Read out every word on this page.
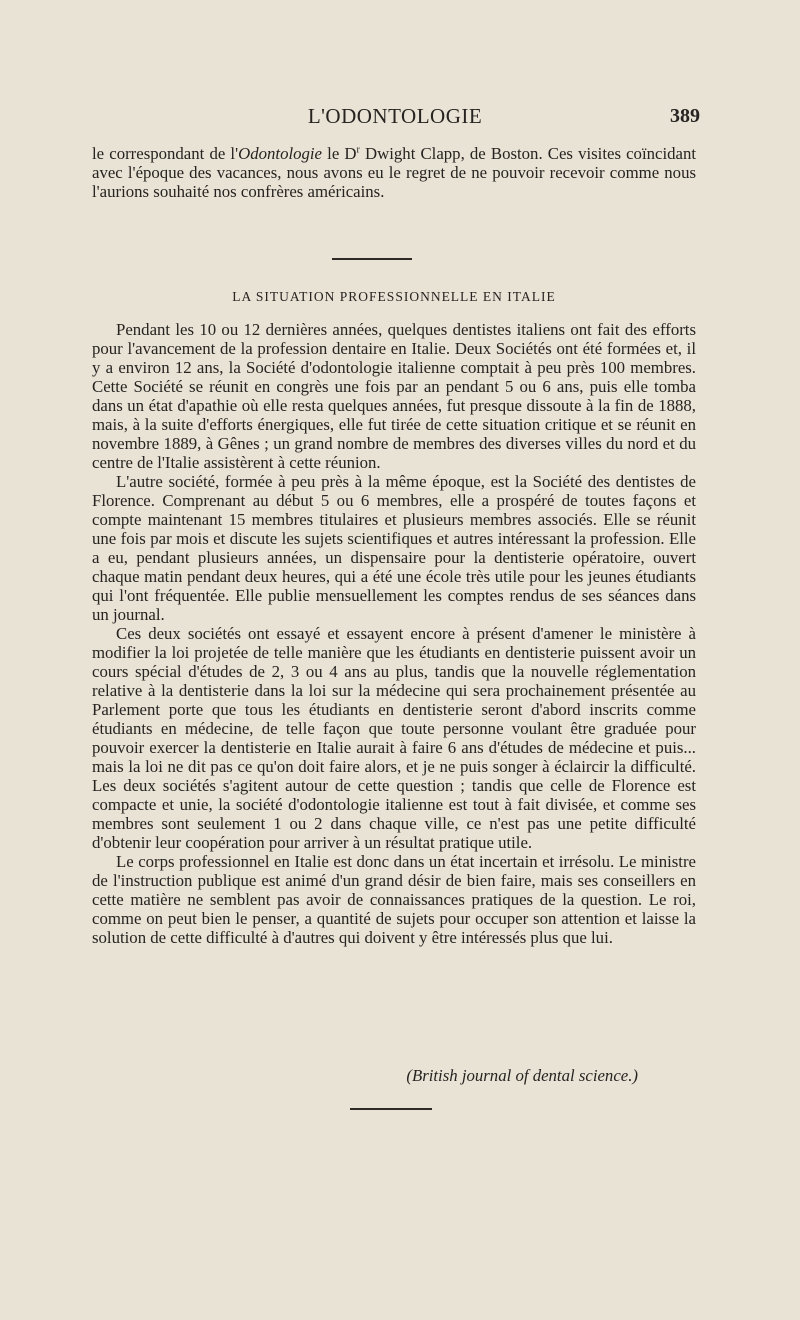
L'ODONTOLOGIE	389

le correspondant de l'Odontologie le $D^r$ Dwight Clapp, de Boston. Ces visites coïncidant avec l'époque des vacances, nous avons eu le regret de ne pouvoir recevoir comme nous l'aurions souhaité nos confrères américains.

LA SITUATION PROFESSIONNELLE EN ITALIE

Pendant les 10 ou 12 dernières années, quelques dentistes italiens ont fait des efforts pour l'avancement de la profession dentaire en Italie. Deux Sociétés ont été formées et, il y a environ 12 ans, la Société d'odontologie italienne comptait à peu près 100 membres. Cette Société se réunit en congrès une fois par an pendant 5 ou 6 ans, puis elle tomba dans un état d'apathie où elle resta quelques années, fut presque dissoute à la fin de 1888, mais, à la suite d'efforts énergiques, elle fut tirée de cette situation critique et se réunit en novembre 1889, à Gênes ; un grand nombre de membres des diverses villes du nord et du centre de l'Italie assistèrent à cette réunion.

L'autre société, formée à peu près à la même époque, est la Société des dentistes de Florence. Comprenant au début 5 ou 6 membres, elle a prospéré de toutes façons et compte maintenant 15 membres titulaires et plusieurs membres associés. Elle se réunit une fois par mois et discute les sujets scientifiques et autres intéressant la profession. Elle a eu, pendant plusieurs années, un dispensaire pour la dentisterie opératoire, ouvert chaque matin pendant deux heures, qui a été une école très utile pour les jeunes étudiants qui l'ont fréquentée. Elle publie mensuellement les comptes rendus de ses séances dans un journal.

Ces deux sociétés ont essayé et essayent encore à présent d'amener le ministère à modifier la loi projetée de telle manière que les étudiants en dentisterie puissent avoir un cours spécial d'études de 2, 3 ou 4 ans au plus, tandis que la nouvelle réglementation relative à la dentisterie dans la loi sur la médecine qui sera prochainement présentée au Parlement porte que tous les étudiants en dentisterie seront d'abord inscrits comme étudiants en médecine, de telle façon que toute personne voulant être graduée pour pouvoir exercer la dentisterie en Italie aurait à faire 6 ans d'études de médecine et puis... mais la loi ne dit pas ce qu'on doit faire alors, et je ne puis songer à éclaircir la difficulté. Les deux sociétés s'agitent autour de cette question ; tandis que celle de Florence est compacte et unie, la société d'odontologie italienne est tout à fait divisée, et comme ses membres sont seulement 1 ou 2 dans chaque ville, ce n'est pas une petite difficulté d'obtenir leur coopération pour arriver à un résultat pratique utile.

Le corps professionnel en Italie est donc dans un état incertain et irrésolu. Le ministre de l'instruction publique est animé d'un grand désir de bien faire, mais ses conseillers en cette matière ne semblent pas avoir de connaissances pratiques de la question. Le roi, comme on peut bien le penser, a quantité de sujets pour occuper son attention et laisse la solution de cette difficulté à d'autres qui doivent y être intéressés plus que lui.

(British journal of dental science.)
